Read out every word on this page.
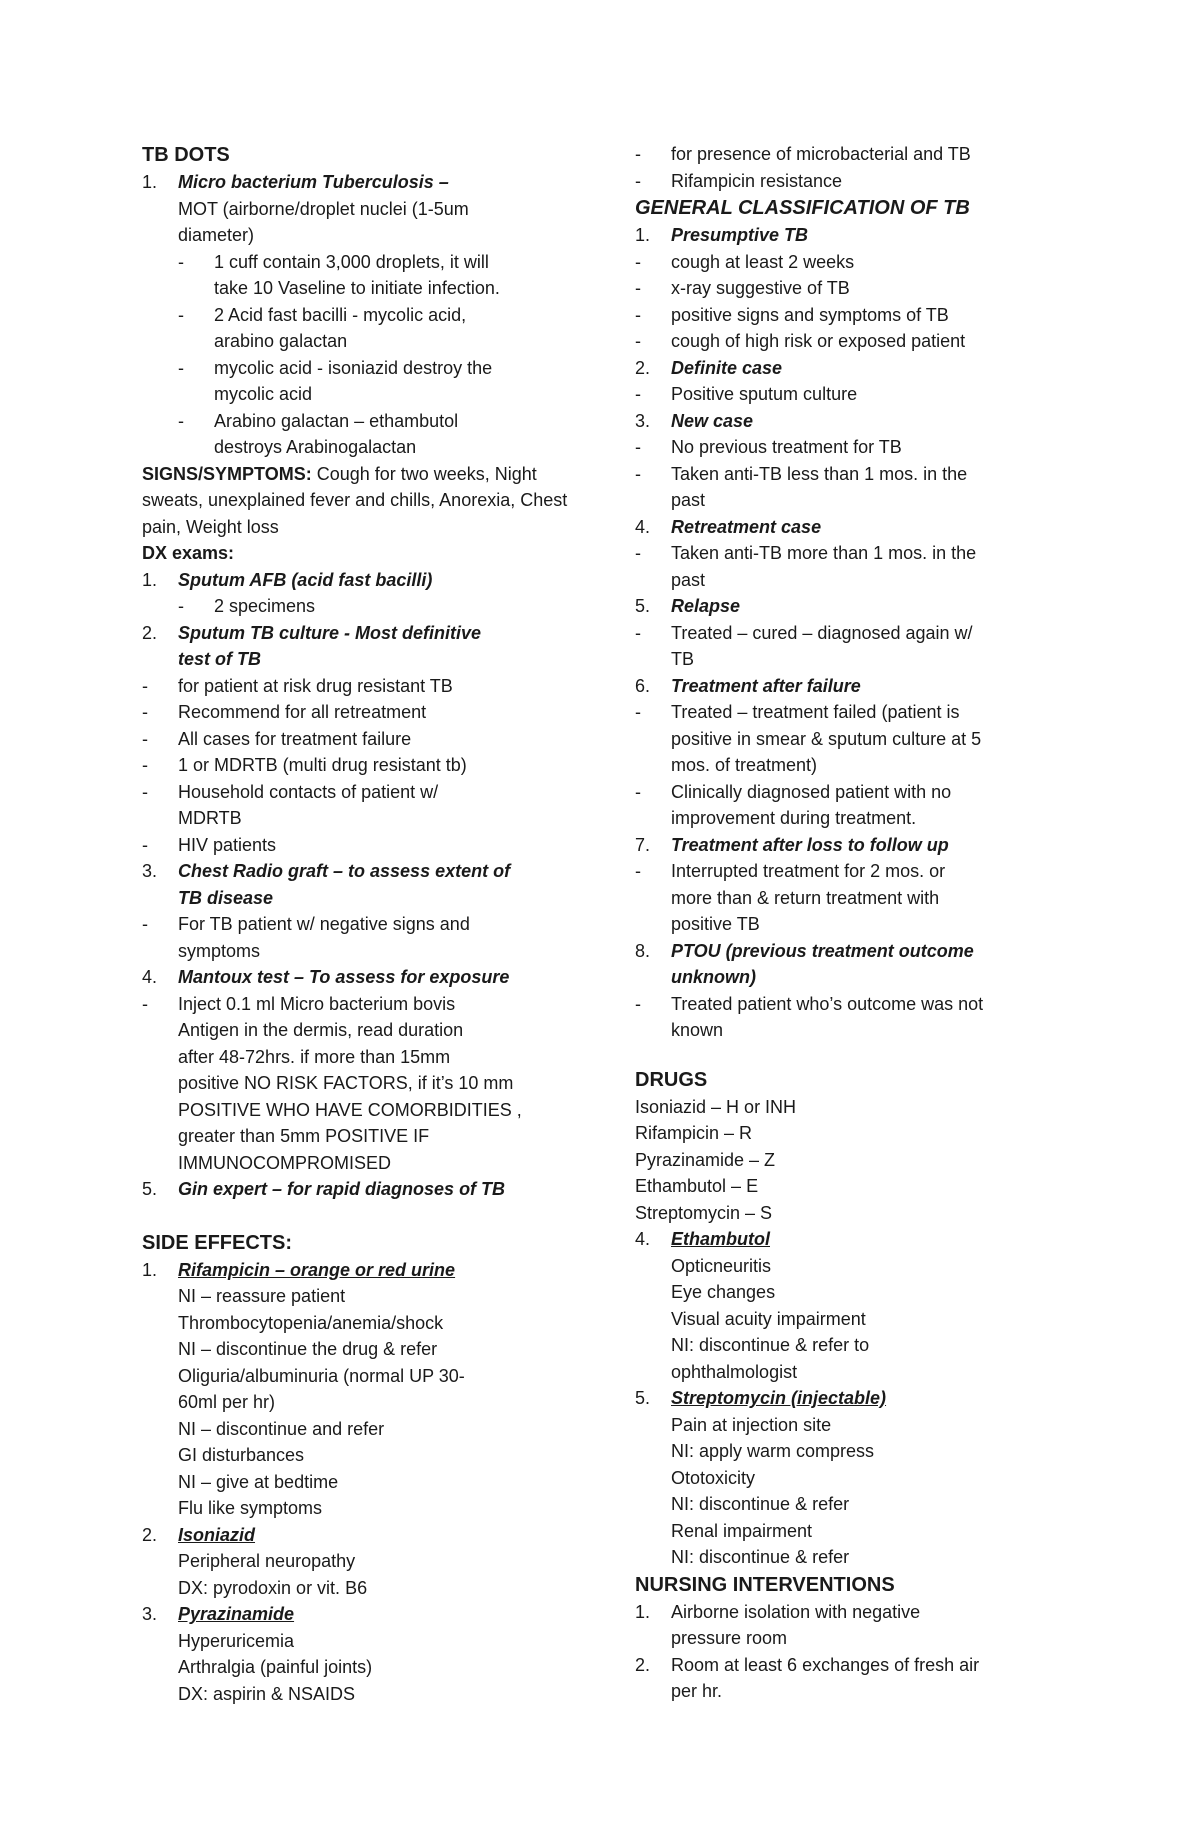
TB DOTS
1.	Micro bacterium Tuberculosis –
MOT (airborne/droplet nuclei (1-5um
diameter)
-	1 cuff contain 3,000 droplets, it will
take 10 Vaseline to initiate infection.
-	2 Acid fast bacilli - mycolic acid,
arabino galactan
-	mycolic acid - isoniazid destroy the
mycolic acid
-	Arabino galactan – ethambutol
destroys Arabinogalactan
SIGNS/SYMPTOMS: Cough for two weeks, Night sweats, unexplained fever and chills, Anorexia, Chest pain, Weight loss
DX exams:
1.	Sputum AFB (acid fast bacilli)
-	2 specimens
2.	Sputum TB culture - Most definitive
test of TB
-	for patient at risk drug resistant TB
-	Recommend for all retreatment
-	All cases for treatment failure
-	1 or MDRTB (multi drug resistant tb)
-	Household contacts of patient w/
MDRTB
-	HIV patients
3.	Chest Radio graft – to assess extent of
TB disease
-	For TB patient w/ negative signs and
symptoms
4.	Mantoux test – To assess for exposure
-	Inject 0.1 ml Micro bacterium bovis
Antigen in the dermis, read duration
after 48-72hrs. if more than 15mm
positive NO RISK FACTORS, if it’s 10 mm
POSITIVE WHO HAVE COMORBIDITIES ,
greater than 5mm POSITIVE IF
IMMUNOCOMPROMISED
5.	Gin expert – for rapid diagnoses of TB
SIDE EFFECTS:
1.	Rifampicin – orange or red urine
NI – reassure patient
Thrombocytopenia/anemia/shock
NI – discontinue the drug & refer
Oliguria/albuminuria (normal UP 30-
60ml per hr)
NI – discontinue and refer
GI disturbances
NI – give at bedtime
Flu like symptoms
2.	Isoniazid
Peripheral neuropathy
DX: pyrodoxin or vit. B6
3.	Pyrazinamide
Hyperuricemia
Arthralgia (painful joints)
DX: aspirin & NSAIDS
-	for presence of microbacterial and TB
-	Rifampicin resistance
GENERAL CLASSIFICATION OF TB
1.	Presumptive TB
-	cough at least 2 weeks
-	x-ray suggestive of TB
-	positive signs and symptoms of TB
-	cough of high risk or exposed patient
2.	Definite case
-	Positive sputum culture
3.	New case
-	No previous treatment for TB
-	Taken anti-TB less than 1 mos. in the
past
4.	Retreatment case
-	Taken anti-TB more than 1 mos. in the
past
5.	Relapse
-	Treated – cured – diagnosed again w/
TB
6.	Treatment after failure
-	Treated – treatment failed (patient is
positive in smear & sputum culture at 5
mos. of treatment)
-	Clinically diagnosed patient with no
improvement during treatment.
7.	Treatment after loss to follow up
-	Interrupted treatment for 2 mos. or
more than & return treatment with
positive TB
8.	PTOU (previous treatment outcome
unknown)
-	Treated patient who’s outcome was not
known
DRUGS
Isoniazid – H or INH
Rifampicin – R
Pyrazinamide – Z
Ethambutol – E
Streptomycin – S
4.	Ethambutol
Opticneuritis
Eye changes
Visual acuity impairment
NI: discontinue & refer to
ophthalmologist
5.	Streptomycin (injectable)
Pain at injection site
NI: apply warm compress
Ototoxicity
NI: discontinue & refer
Renal impairment
NI: discontinue & refer
NURSING INTERVENTIONS
1.	Airborne isolation with negative
pressure room
2.	Room at least 6 exchanges of fresh air
per hr.
